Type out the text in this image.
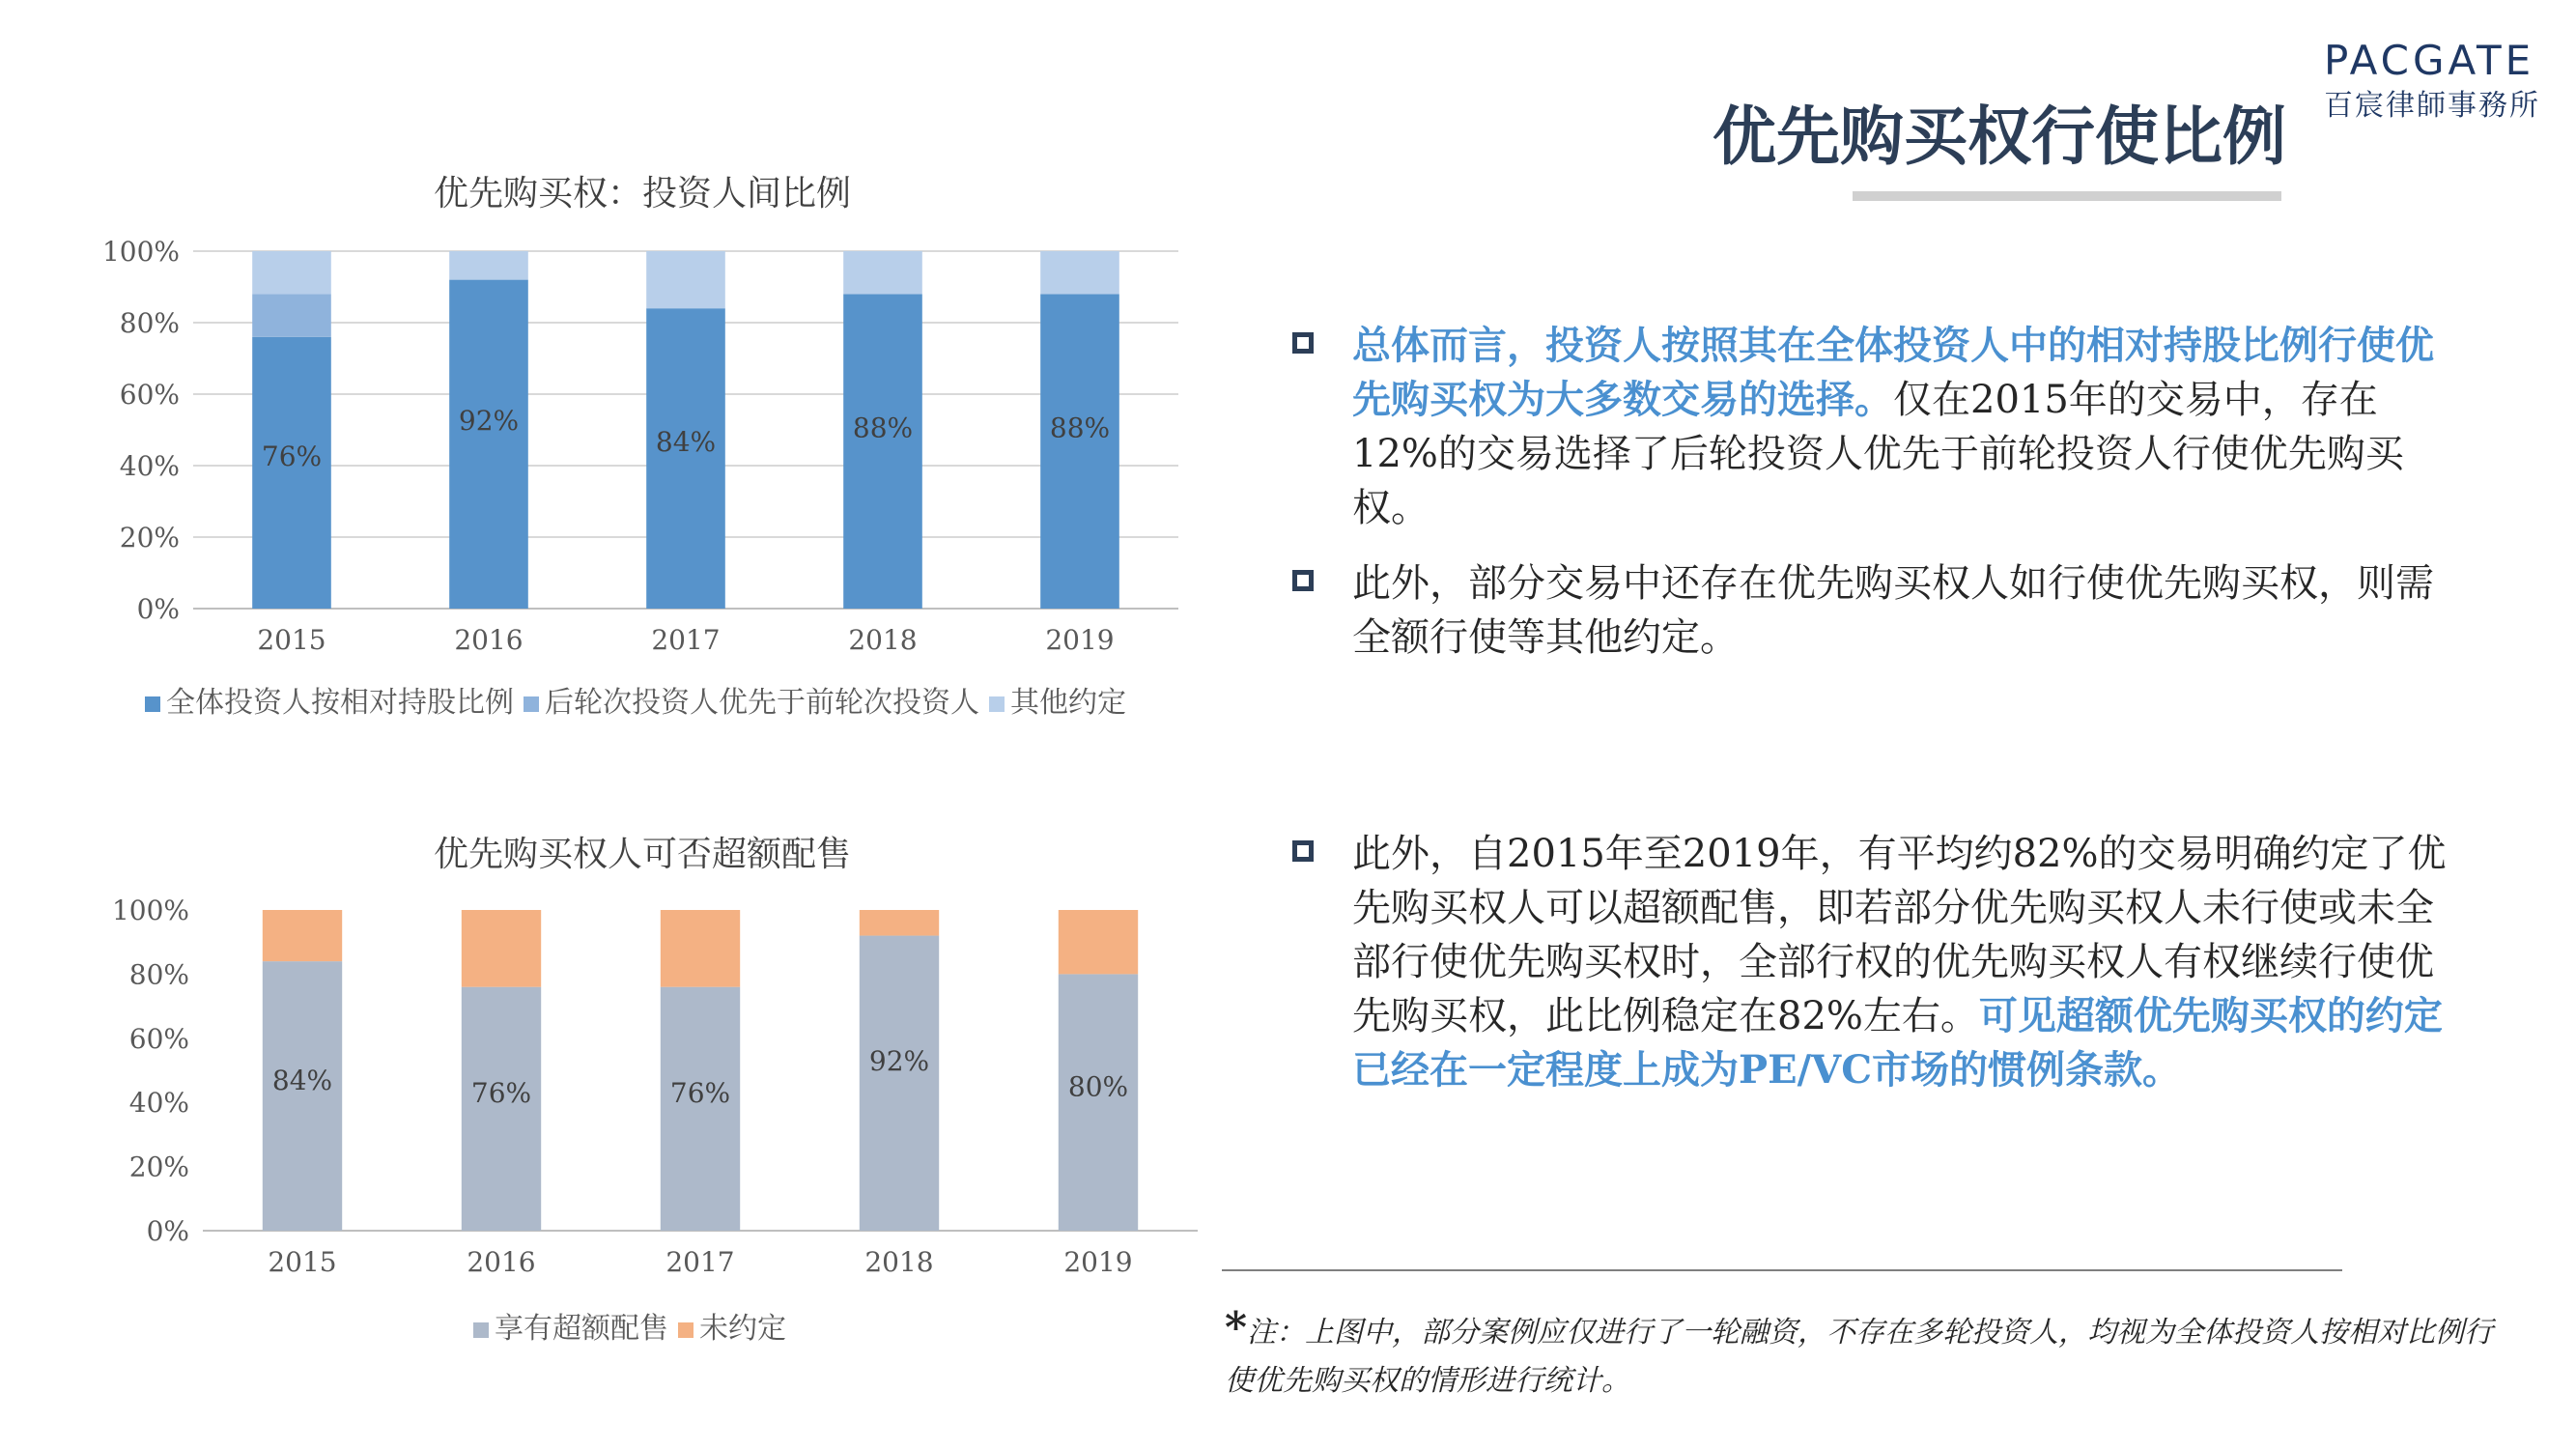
PACGATE
百宸律師事務所
优先购买权行使比例
优先购买权：投资人间比例
0%
20%
40%
60%
80%
100%
76%
2015
92%
2016
84%
2017
88%
2018
88%
2019
全体投资人按相对持股比例 后轮次投资人优先于前轮次投资人 其他约定
优先购买权人可否超额配售
0%
20%
40%
60%
80%
100%
84%
2015
76%
2016
76%
2017
92%
2018
80%
2019
享有超额配售 未约定
总体而言，投资人按照其在全体投资人中的相对持股比例行使优先购买权为大多数交易的选择。仅在2015年的交易中，存在12%的交易选择了后轮投资人优先于前轮投资人行使优先购买权。
此外，部分交易中还存在优先购买权人如行使优先购买权，则需全额行使等其他约定。
此外，自2015年至2019年，有平均约82%的交易明确约定了优先购买权人可以超额配售，即若部分优先购买权人未行使或未全部行使优先购买权时，全部行权的优先购买权人有权继续行使优先购买权，此比例稳定在82%左右。可见超额优先购买权的约定已经在一定程度上成为PE/VC市场的惯例条款。
*注：上图中，部分案例应仅进行了一轮融资，不存在多轮投资人，均视为全体投资人按相对比例行使优先购买权的情形进行统计。
